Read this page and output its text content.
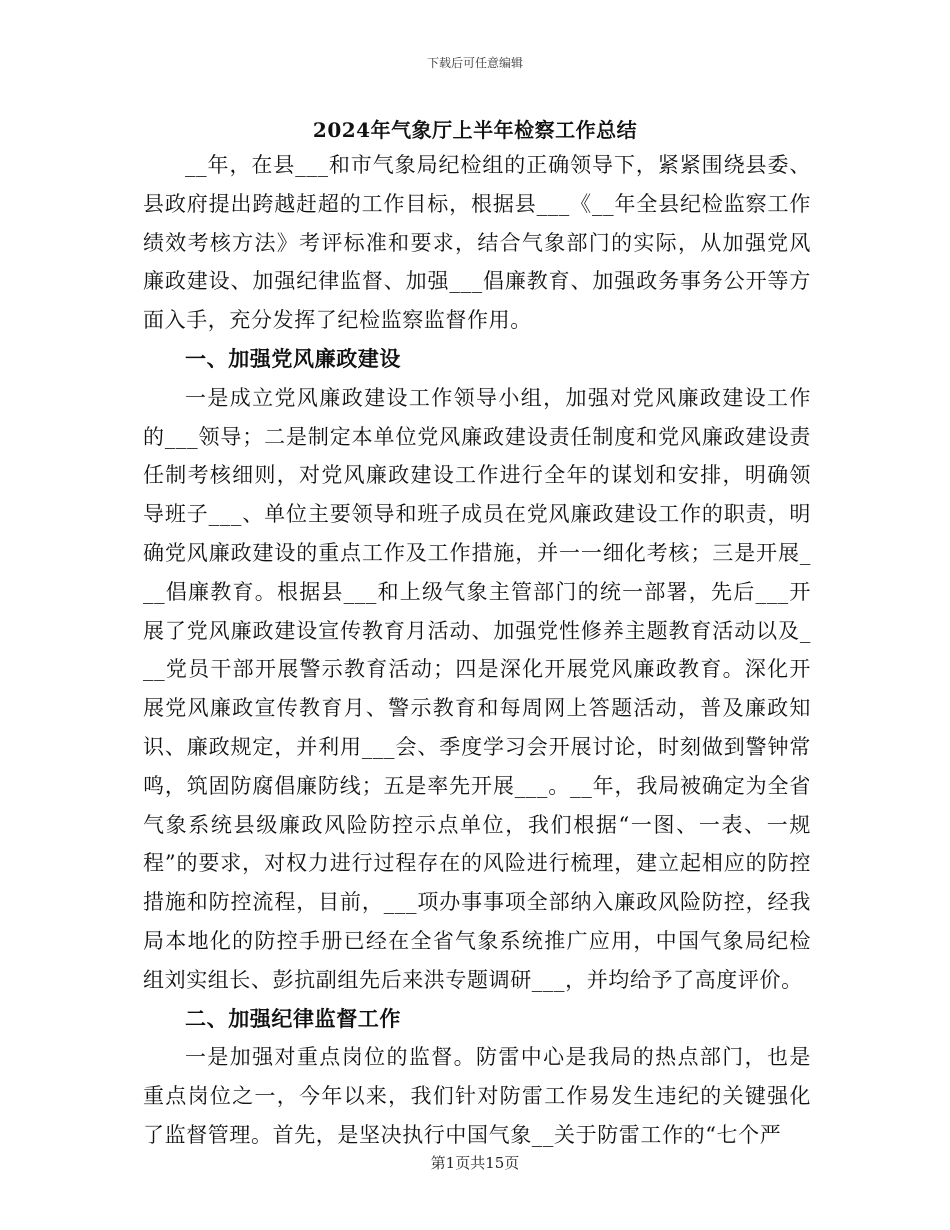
下载后可任意编辑
2024年气象厅上半年检察工作总结

__年，在县___和市气象局纪检组的正确领导下，紧紧围绕县委、县政府提出跨越赶超的工作目标，根据县___《__年全县纪检监察工作绩效考核方法》考评标准和要求，结合气象部门的实际，从加强党风廉政建设、加强纪律监督、加强___倡廉教育、加强政务事务公开等方面入手，充分发挥了纪检监察监督作用。

一、加强党风廉政建设

一是成立党风廉政建设工作领导小组，加强对党风廉政建设工作的___领导；二是制定本单位党风廉政建设责任制度和党风廉政建设责任制考核细则，对党风廉政建设工作进行全年的谋划和安排，明确领导班子___、单位主要领导和班子成员在党风廉政建设工作的职责，明确党风廉政建设的重点工作及工作措施，并一一细化考核；三是开展___倡廉教育。根据县___和上级气象主管部门的统一部署，先后___开展了党风廉政建设宣传教育月活动、加强党性修养主题教育活动以及___党员干部开展警示教育活动；四是深化开展党风廉政教育。深化开展党风廉政宣传教育月、警示教育和每周网上答题活动，普及廉政知识、廉政规定，并利用___会、季度学习会开展讨论，时刻做到警钟常鸣，筑固防腐倡廉防线；五是率先开展___。__年，我局被确定为全省气象系统县级廉政风险防控示点单位，我们根据“一图、一表、一规程”的要求，对权力进行过程存在的风险进行梳理，建立起相应的防控措施和防控流程，目前，___项办事事项全部纳入廉政风险防控，经我局本地化的防控手册已经在全省气象系统推广应用，中国气象局纪检组刘实组长、彭抗副组先后来洪专题调研___，并均给予了高度评价。

二、加强纪律监督工作

一是加强对重点岗位的监督。防雷中心是我局的热点部门，也是重点岗位之一，今年以来，我们针对防雷工作易发生违纪的关键强化了监督管理。首先，是坚决执行中国气象__关于防雷工作的“七个严

第1页共15页
